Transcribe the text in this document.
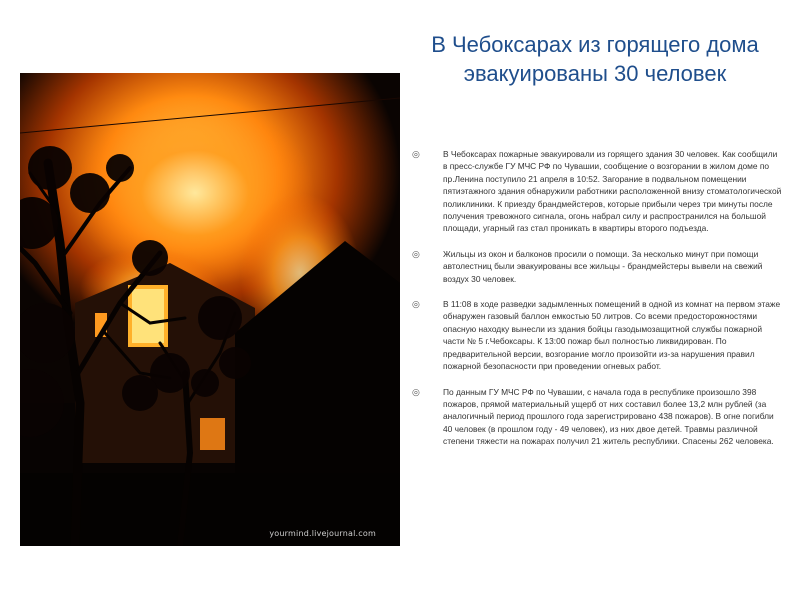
yourmind.livejournal.com
В Чебоксарах из горящего дома эвакуированы 30 человек
◎	В Чебоксарах пожарные эвакуировали из горящего здания 30 человек. Как сообщили в пресс-службе ГУ МЧС РФ по Чувашии, сообщение о возгорании в жилом доме по пр.Ленина поступило 21 апреля в 10:52. Загорание в подвальном помещении пятиэтажного здания обнаружили работники расположенной внизу стоматологической поликлиники. К приезду брандмейстеров, которые прибыли через три минуты после получения тревожного сигнала, огонь набрал силу и распространился на большой площади, угарный газ стал проникать в квартиры второго подъезда.
◎	Жильцы из окон и балконов просили о помощи. За несколько минут при помощи автолестниц были эвакуированы все жильцы - брандмейстеры вывели на свежий воздух 30 человек.
◎	В 11:08 в ходе разведки задымленных помещений в одной из комнат на первом этаже обнаружен газовый баллон емкостью 50 литров. Со всеми предосторожностями опасную находку вынесли из здания бойцы газодымозащитной службы пожарной части № 5 г.Чебоксары. К 13:00 пожар был полностью ликвидирован. По предварительной версии, возгорание могло произойти из-за нарушения правил пожарной безопасности при проведении огневых работ.
◎	По данным ГУ МЧС РФ по Чувашии, с начала года в республике произошло 398 пожаров, прямой материальный ущерб от них составил более 13,2 млн рублей (за аналогичный период прошлого года зарегистрировано 438 пожаров). В огне погибли 40 человек (в прошлом году - 49 человек), из них двое детей. Травмы различной степени тяжести на пожарах получил 21 житель республики. Спасены 262 человека.
